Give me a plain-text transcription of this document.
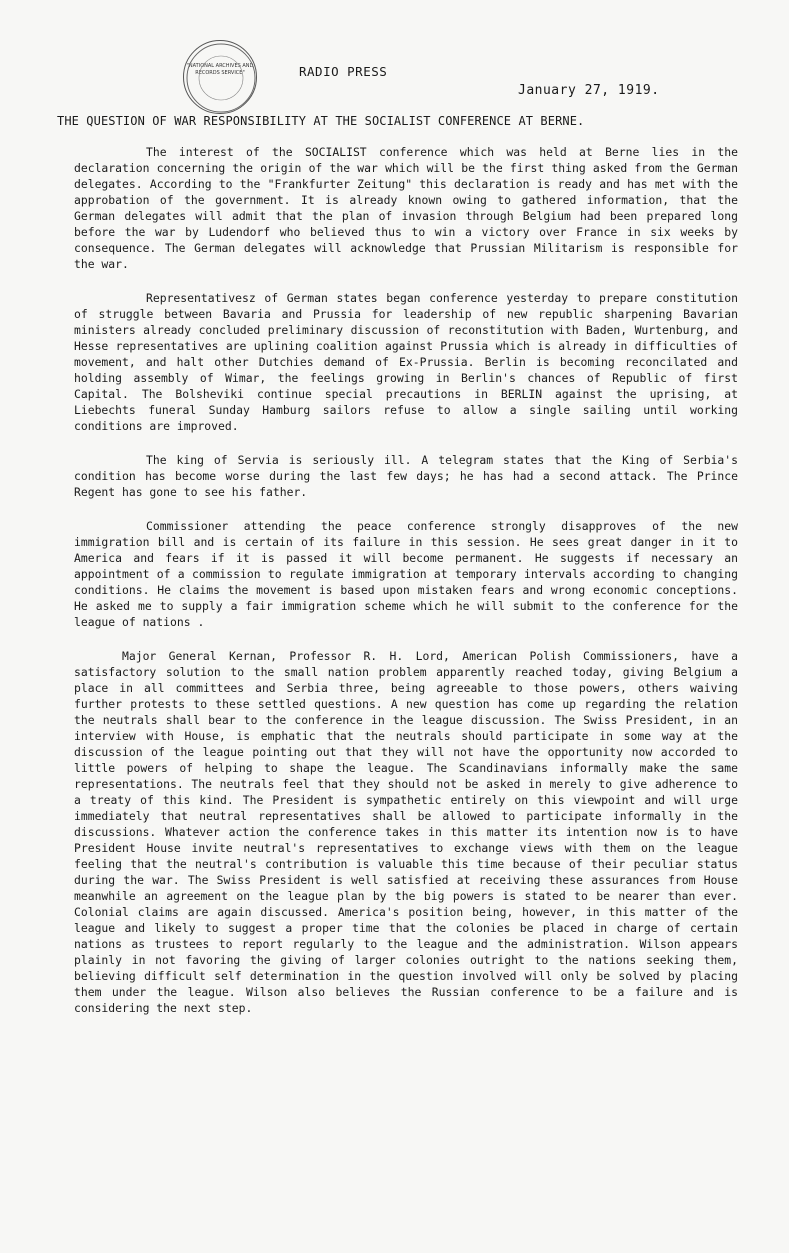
"NATIONAL ARCHIVES AND RECORDS SERVICE"	RADIO PRESS
January 27, 1919.
THE QUESTION OF WAR RESPONSIBILITY AT THE SOCIALIST CONFERENCE AT BERNE.

The interest of the SOCIALIST conference which was held at Berne lies in the declaration concerning the origin of the war which will be the first thing asked from the German delegates. According to the "Frankfurter Zeitung" this declaration is ready and has met with the approbation of the government. It is already known owing to gathered information, that the German delegates will admit that the plan of invasion through Belgium had been prepared long before the war by Ludendorf who believed thus to win a victory over France in six weeks by consequence. The German delegates will acknowledge that Prussian Militarism is responsible for the war.

Representativesz of German states began conference yesterday to prepare constitution of struggle between Bavaria and Prussia for leadership of new republic sharpening Bavarian ministers already concluded preliminary discussion of reconstitution with Baden, Wurtenburg, and Hesse representatives are uplining coalition against Prussia which is already in difficulties of movement, and halt other Dutchies demand of Ex-Prussia. Berlin is becoming reconcilated and holding assembly of Wimar, the feelings growing in Berlin's chances of Republic of first Capital. The Bolsheviki continue special precautions in BERLIN against the uprising, at Liebechts funeral Sunday Hamburg sailors refuse to allow a single sailing until working conditions are improved.

The king of Servia is seriously ill. A telegram states that the King of Serbia's condition has become worse during the last few days; he has had a second attack. The Prince Regent has gone to see his father.

Commissioner attending the peace conference strongly disapproves of the new immigration bill and is certain of its failure in this session. He sees great danger in it to America and fears if it is passed it will become permanent. He suggests if necessary an appointment of a commission to regulate immigration at temporary intervals according to changing conditions. He claims the movement is based upon mistaken fears and wrong economic conceptions. He asked me to supply a fair immigration scheme which he will submit to the conference for the league of nations .

Major General Kernan, Professor R. H. Lord, American Polish Commissioners, have a satisfactory solution to the small nation problem apparently reached today, giving Belgium a place in all committees and Serbia three, being agreeable to those powers, others waiving further protests to these settled questions. A new question has come up regarding the relation the neutrals shall bear to the conference in the league discussion. The Swiss President, in an interview with House, is emphatic that the neutrals should participate in some way at the discussion of the league pointing out that they will not have the opportunity now accorded to little powers of helping to shape the league. The Scandinavians informally make the same representations. The neutrals feel that they should not be asked in merely to give adherence to a treaty of this kind. The President is sympathetic entirely on this viewpoint and will urge immediately that neutral representatives shall be allowed to participate informally in the discussions. Whatever action the conference takes in this matter its intention now is to have President House invite neutral's representatives to exchange views with them on the league feeling that the neutral's contribution is valuable this time because of their peculiar status during the war. The Swiss President is well satisfied at receiving these assurances from House meanwhile an agreement on the league plan by the big powers is stated to be nearer than ever. Colonial claims are again discussed. America's position being, however, in this matter of the league and likely to suggest a proper time that the colonies be placed in charge of certain nations as trustees to report regularly to the league and the administration. Wilson appears plainly in not favoring the giving of larger colonies outright to the nations seeking them, believing difficult self determination in the question involved will only be solved by placing them under the league. Wilson also believes the Russian conference to be a failure and is considering the next step.
